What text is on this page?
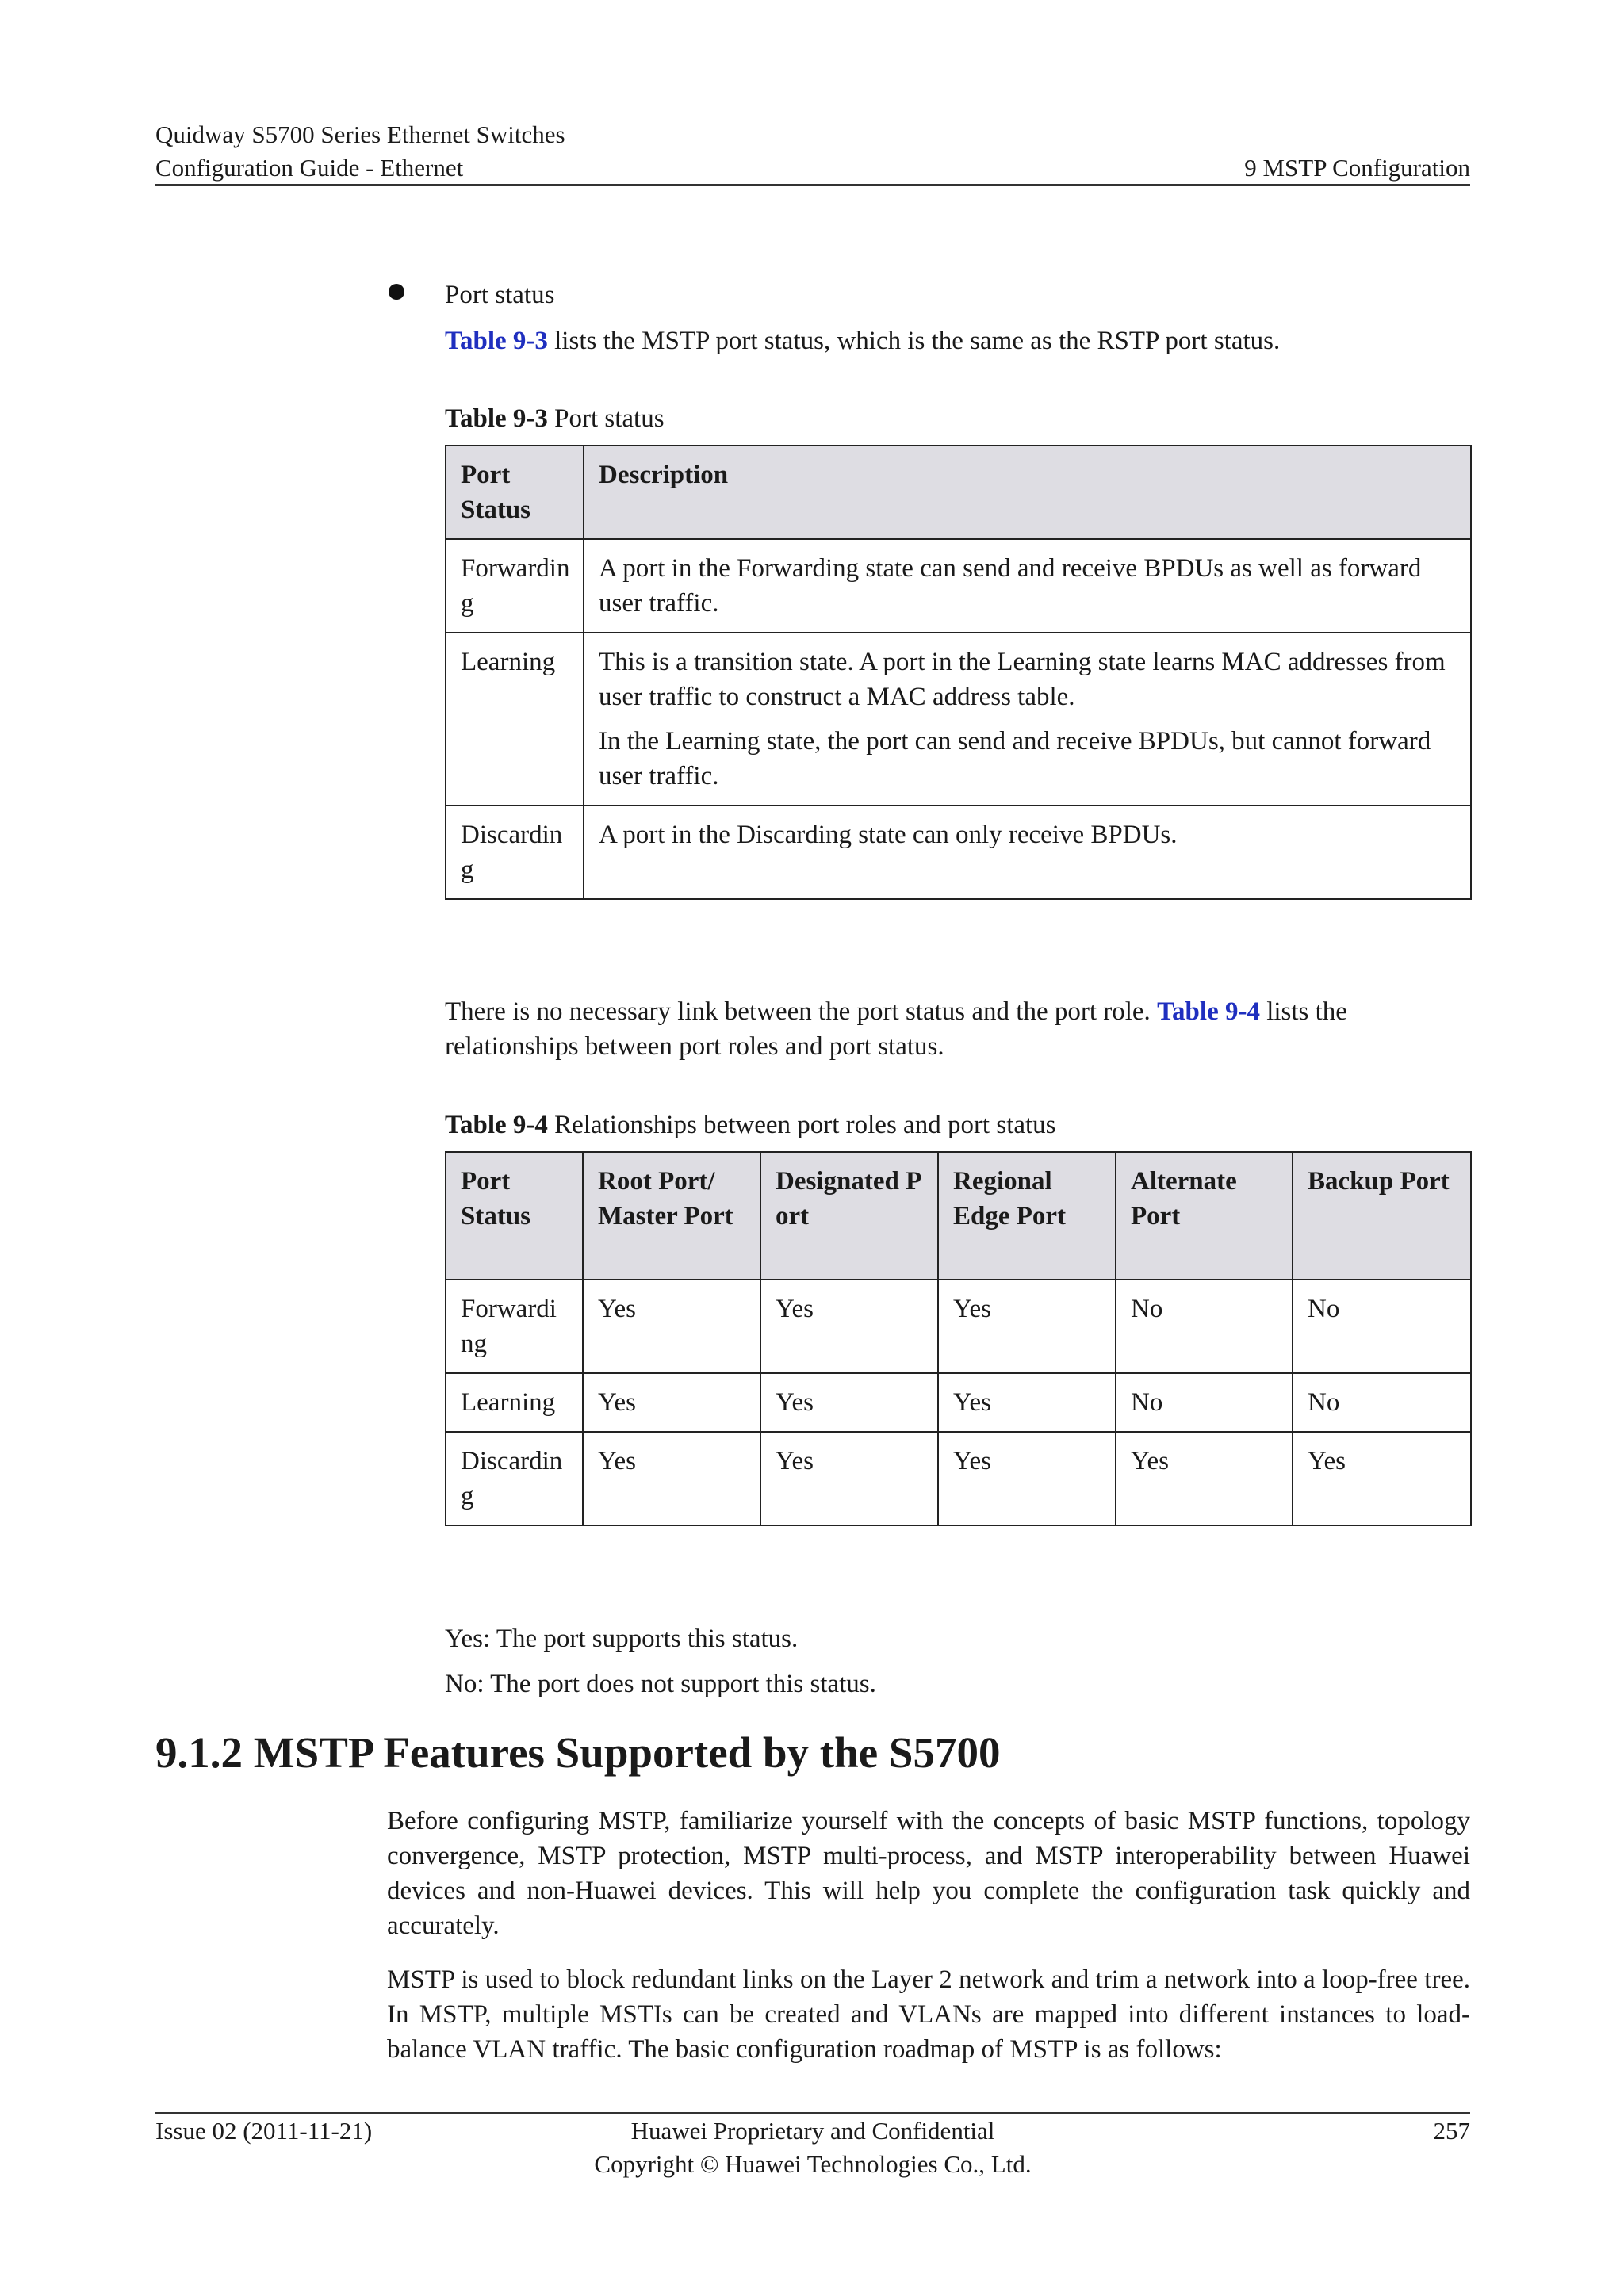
Quidway S5700 Series Ethernet Switches
Configuration Guide - Ethernet	9 MSTP Configuration
Port status
Table 9-3 lists the MSTP port status, which is the same as the RSTP port status.
Table 9-3 Port status
Port Status	Description
Forwarding	A port in the Forwarding state can send and receive BPDUs as well as forward user traffic.

Learning	This is a transition state. A port in the Learning state learns MAC addresses from user traffic to construct a MAC address table.

In the Learning state, the port can send and receive BPDUs, but cannot forward user traffic.

Discarding	A port in the Discarding state can only receive BPDUs.

There is no necessary link between the port status and the port role. Table 9-4 lists the relationships between port roles and port status.
Table 9-4 Relationships between port roles and port status
Port Status	Root Port/ Master Port	Designated Port	Regional Edge Port	Alternate Port	Backup Port
Forwarding	Yes	Yes	Yes	No	No
Learning	Yes	Yes	Yes	No	No
Discarding	Yes	Yes	Yes	Yes	Yes
Yes: The port supports this status.
No: The port does not support this status.
9.1.2 MSTP Features Supported by the S5700
Before configuring MSTP, familiarize yourself with the concepts of basic MSTP functions, topology convergence, MSTP protection, MSTP multi-process, and MSTP interoperability between Huawei devices and non-Huawei devices. This will help you complete the configuration task quickly and accurately.
MSTP is used to block redundant links on the Layer 2 network and trim a network into a loop-free tree. In MSTP, multiple MSTIs can be created and VLANs are mapped into different instances to load-balance VLAN traffic. The basic configuration roadmap of MSTP is as follows:
Issue 02 (2011-11-21)	Huawei Proprietary and Confidential
Copyright © Huawei Technologies Co., Ltd.
257
